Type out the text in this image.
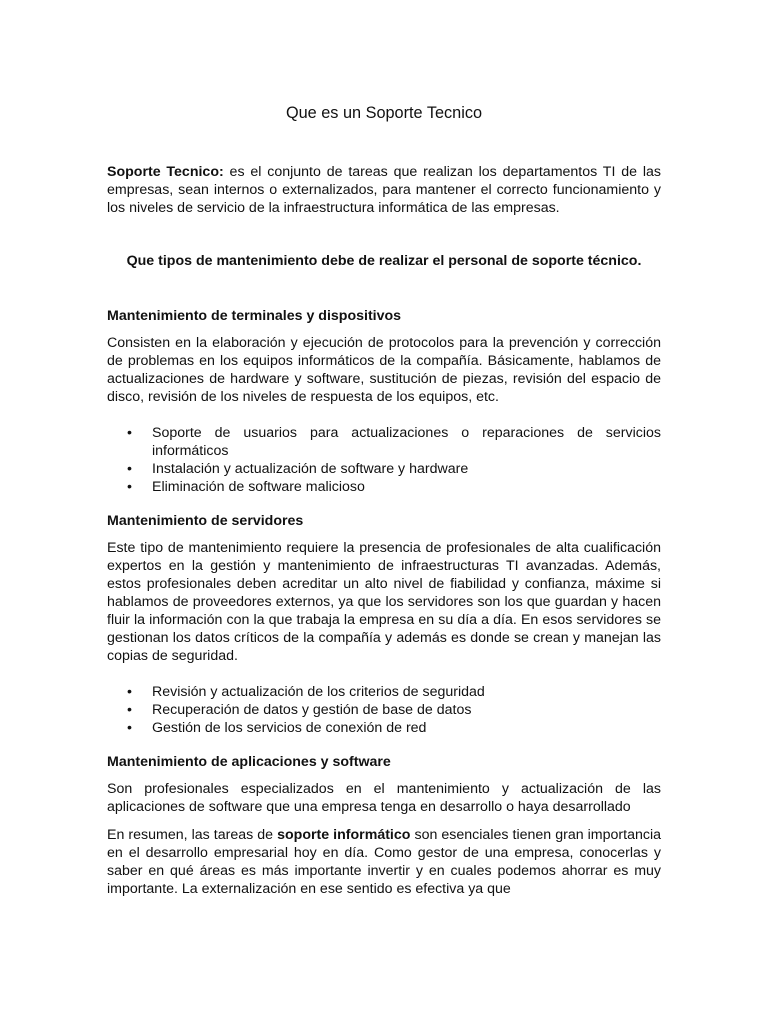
Que es un Soporte Tecnico

Soporte Tecnico: es el conjunto de tareas que realizan los departamentos TI de las empresas, sean internos o externalizados, para mantener el correcto funcionamiento y los niveles de servicio de la infraestructura informática de las empresas.

Que tipos de mantenimiento debe de realizar el personal de soporte técnico.

Mantenimiento de terminales y dispositivos

Consisten en la elaboración y ejecución de protocolos para la prevención y corrección de problemas en los equipos informáticos de la compañía. Básicamente, hablamos de actualizaciones de hardware y software, sustitución de piezas, revisión del espacio de disco, revisión de los niveles de respuesta de los equipos, etc.

• Soporte de usuarios para actualizaciones o reparaciones de servicios informáticos
• Instalación y actualización de software y hardware
• Eliminación de software malicioso
Mantenimiento de servidores

Este tipo de mantenimiento requiere la presencia de profesionales de alta cualificación expertos en la gestión y mantenimiento de infraestructuras TI avanzadas. Además, estos profesionales deben acreditar un alto nivel de fiabilidad y confianza, máxime si hablamos de proveedores externos, ya que los servidores son los que guardan y hacen fluir la información con la que trabaja la empresa en su día a día. En esos servidores se gestionan los datos críticos de la compañía y además es donde se crean y manejan las copias de seguridad.

• Revisión y actualización de los criterios de seguridad
• Recuperación de datos y gestión de base de datos
• Gestión de los servicios de conexión de red
Mantenimiento de aplicaciones y software

Son profesionales especializados en el mantenimiento y actualización de las aplicaciones de software que una empresa tenga en desarrollo o haya desarrollado

En resumen, las tareas de soporte informático son esenciales tienen gran importancia en el desarrollo empresarial hoy en día. Como gestor de una empresa, conocerlas y saber en qué áreas es más importante invertir y en cuales podemos ahorrar es muy importante. La externalización en ese sentido es efectiva ya que
